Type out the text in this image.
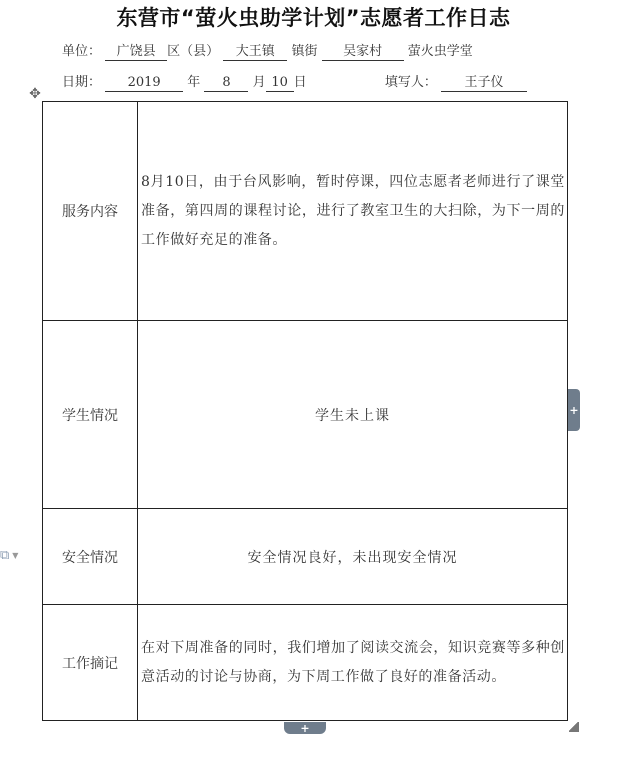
东营市“萤火虫助学计划”志愿者工作日志
单位： 广饶县 区（县） 大王镇 镇街 吴家村 萤火虫学堂
日期： 2019 年 8 月 10 日	填写人： 王子仪
✥
服务内容	8月10日，由于台风影响，暂时停课，四位志愿者老师进行了课堂准备，第四周的课程讨论，进行了教室卫生的大扫除，为下一周的工作做好充足的准备。

学生情况	学生未上课

安全情况	安全情况良好，未出现安全情况

工作摘记	在对下周准备的同时，我们增加了阅读交流会，知识竞赛等多种创意活动的讨论与协商，为下周工作做了良好的准备活动。
+
+
⧉ ▼
